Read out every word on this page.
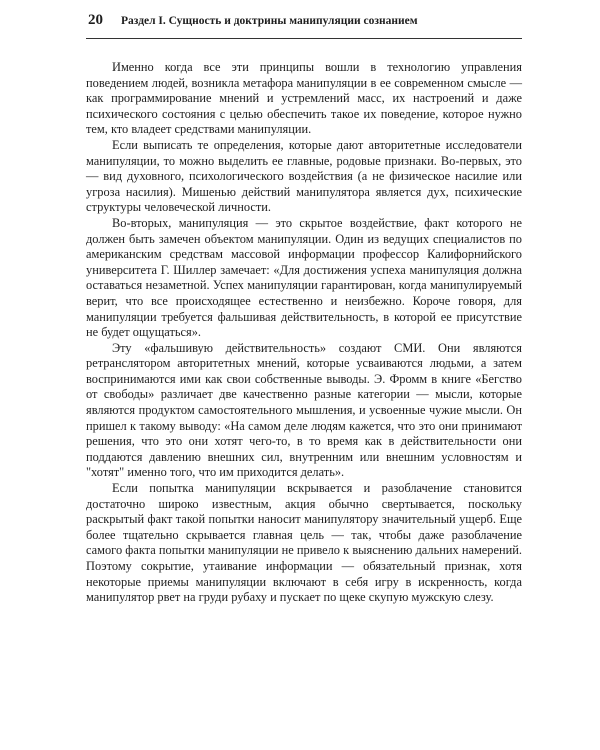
20 Раздел I. Сущность и доктрины манипуляции сознанием

Именно когда все эти принципы вошли в технологию управления поведением людей, возникла метафора манипуляции в ее современном смысле — как программирование мнений и устремлений масс, их настроений и даже психического состояния с целью обеспечить такое их поведение, которое нужно тем, кто владеет средствами манипуляции.

Если выписать те определения, которые дают авторитетные исследователи манипуляции, то можно выделить ее главные, родовые признаки. Во-первых, это — вид духовного, психологического воздействия (а не физическое насилие или угроза насилия). Мишенью действий манипулятора является дух, психические структуры человеческой личности.

Во-вторых, манипуляция — это скрытое воздействие, факт которого не должен быть замечен объектом манипуляции. Один из ведущих специалистов по американским средствам массовой информации профессор Калифорнийского университета Г. Шиллер замечает: «Для достижения успеха манипуляция должна оставаться незаметной. Успех манипуляции гарантирован, когда манипулируемый верит, что все происходящее естественно и неизбежно. Короче говоря, для манипуляции требуется фальшивая действительность, в которой ее присутствие не будет ощущаться».

Эту «фальшивую действительность» создают СМИ. Они являются ретранслятором авторитетных мнений, которые усваиваются людьми, а затем воспринимаются ими как свои собственные выводы. Э. Фромм в книге «Бегство от свободы» различает две качественно разные категории — мысли, которые являются продуктом самостоятельного мышления, и усвоенные чужие мысли. Он пришел к такому выводу: «На самом деле людям кажется, что это они принимают решения, что это они хотят чего-то, в то время как в действительности они поддаются давлению внешних сил, внутренним или внешним условностям и "хотят" именно того, что им приходится делать».

Если попытка манипуляции вскрывается и разоблачение становится достаточно широко известным, акция обычно свертывается, поскольку раскрытый факт такой попытки наносит манипулятору значительный ущерб. Еще более тщательно скрывается главная цель — так, чтобы даже разоблачение самого факта попытки манипуляции не привело к выяснению дальних намерений. Поэтому сокрытие, утаивание информации — обязательный признак, хотя некоторые приемы манипуляции включают в себя игру в искренность, когда манипулятор рвет на груди рубаху и пускает по щеке скупую мужскую слезу.
